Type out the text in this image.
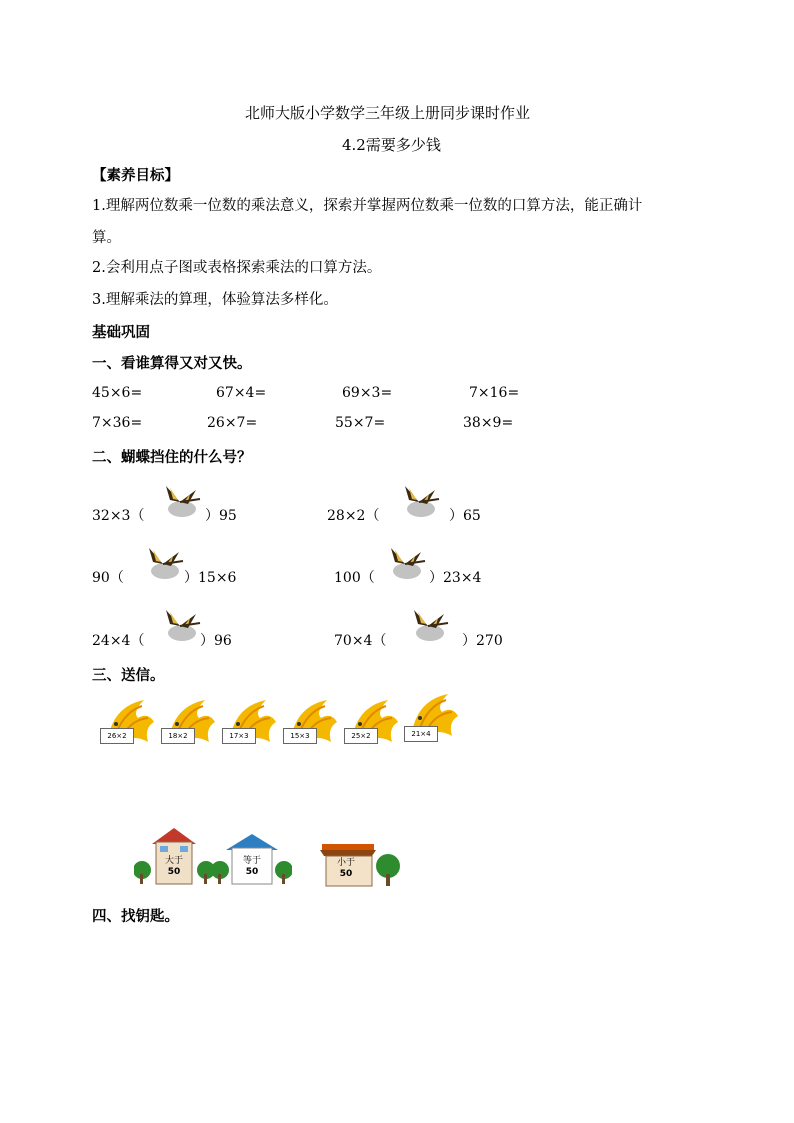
北师大版小学数学三年级上册同步课时作业
4.2需要多少钱
【素养目标】
1.理解两位数乘一位数的乘法意义，探索并掌握两位数乘一位数的口算方法，能正确计
算。
2.会利用点子图或表格探索乘法的口算方法。
3.理解乘法的算理，体验算法多样化。
基础巩固
一、看谁算得又对又快。
45×6=	67×4=	69×3=	7×16=
7×36=	26×7=	55×7=	38×9=
二、蝴蝶挡住的什么号？
32×3（	）95	28×2（	）65
90（	）15×6	100（	）23×4
24×4（	）96	70×4（	）270
三、送信。
26×2	18×2	17×3	15×3	25×2	21×4
大于
50
等于
50
小于
50
四、找钥匙。
